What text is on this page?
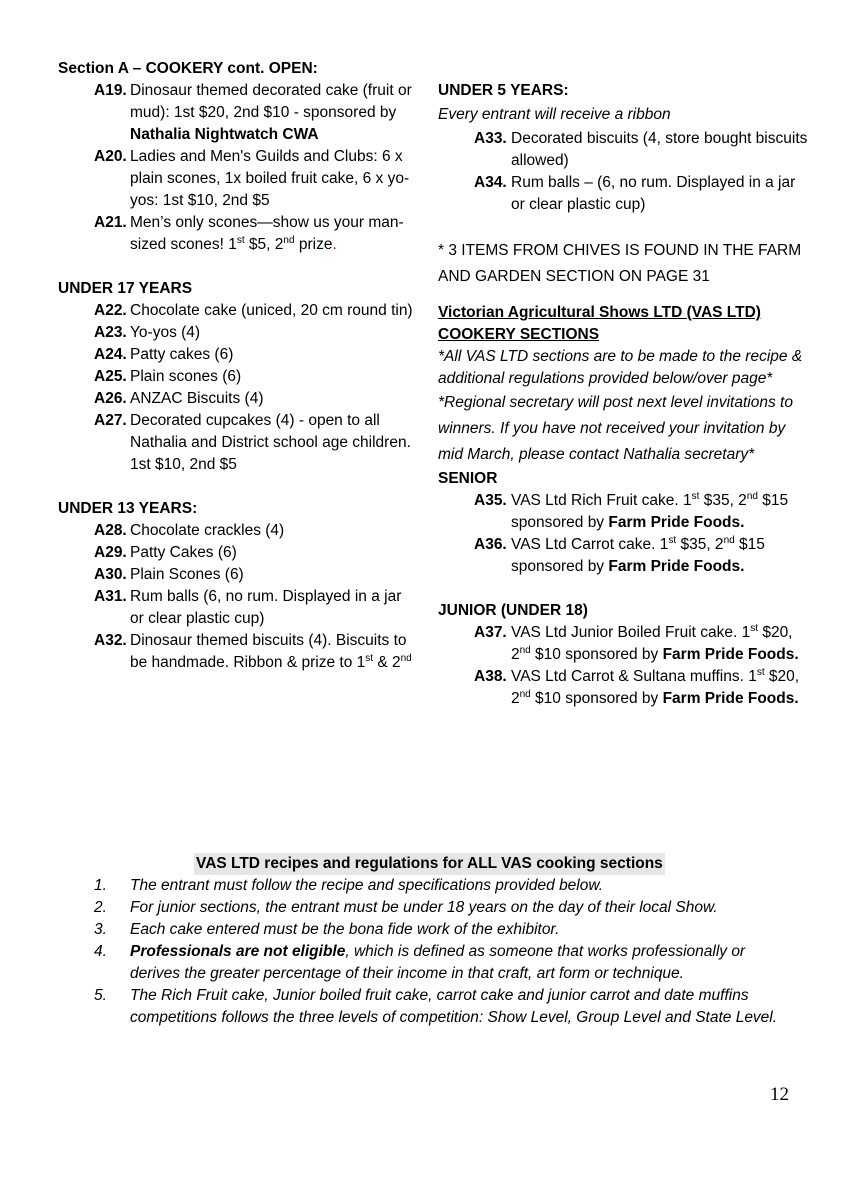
Section A – COOKERY cont. OPEN:

A19. Dinosaur themed decorated cake (fruit or mud): 1st $20, 2nd $10 - sponsored by Nathalia Nightwatch CWA
A20. Ladies and Men's Guilds and Clubs: 6 x plain scones, 1x boiled fruit cake, 6 x yo-yos: 1st $10, 2nd $5
A21. Men’s only scones—show us your man-sized scones! 1st $5, 2nd prize.

UNDER 17 YEARS

A22. Chocolate cake (uniced, 20 cm round tin)
A23. Yo-yos (4)
A24. Patty cakes (6)
A25. Plain scones (6)
A26. ANZAC Biscuits (4)
A27. Decorated cupcakes (4) - open to all Nathalia and District school age children. 1st $10, 2nd $5

UNDER 13 YEARS:

A28. Chocolate crackles (4)
A29. Patty Cakes (6)
A30. Plain Scones (6)
A31. Rum balls (6, no rum. Displayed in a jar or clear plastic cup)
A32. Dinosaur themed biscuits (4). Biscuits to be handmade. Ribbon & prize to 1st & 2nd

UNDER 5 YEARS:

Every entrant will receive a ribbon

A33. Decorated biscuits (4, store bought biscuits allowed)
A34. Rum balls – (6, no rum. Displayed in a jar or clear plastic cup)

* 3 ITEMS FROM CHIVES IS FOUND IN THE FARM AND GARDEN SECTION ON PAGE 31

Victorian Agricultural Shows LTD (VAS LTD) COOKERY SECTIONS

*All VAS LTD sections are to be made to the recipe & additional regulations provided below/over page*

*Regional secretary will post next level invitations to winners. If you have not received your invitation by mid March, please contact Nathalia secretary*

SENIOR

A35. VAS Ltd Rich Fruit cake. 1st $35, 2nd $15 sponsored by Farm Pride Foods.
A36. VAS Ltd Carrot cake. 1st $35, 2nd $15 sponsored by Farm Pride Foods.

JUNIOR (UNDER 18)

A37. VAS Ltd Junior Boiled Fruit cake. 1st $20, 2nd $10 sponsored by Farm Pride Foods.
A38. VAS Ltd Carrot & Sultana muffins. 1st $20, 2nd $10 sponsored by Farm Pride Foods.

VAS LTD recipes and regulations for ALL VAS cooking sections

1.	The entrant must follow the recipe and specifications provided below.
2.	For junior sections, the entrant must be under 18 years on the day of their local Show.
3.	Each cake entered must be the bona fide work of the exhibitor.
4.	Professionals are not eligible, which is defined as someone that works professionally or derives the greater percentage of their income in that craft, art form or technique.
5.	The Rich Fruit cake, Junior boiled fruit cake, carrot cake and junior carrot and date muffins competitions follows the three levels of competition: Show Level, Group Level and State Level.
12
